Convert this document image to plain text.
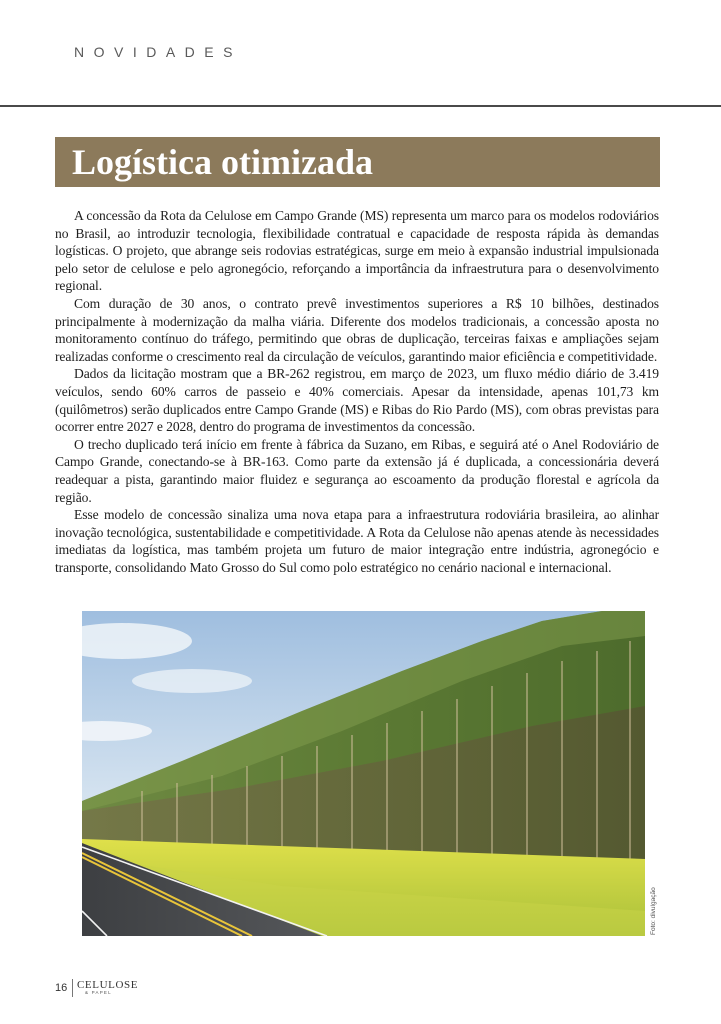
NOVIDADES
Logística otimizada

A concessão da Rota da Celulose em Campo Grande (MS) representa um marco para os modelos rodoviários no Brasil, ao introduzir tecnologia, flexibilidade contratual e capacidade de resposta rápida às demandas logísticas. O projeto, que abrange seis rodovias estratégicas, surge em meio à expansão industrial impulsionada pelo setor de celulose e pelo agronegócio, reforçando a importância da infraestrutura para o desenvolvimento regional.

Com duração de 30 anos, o contrato prevê investimentos superiores a R$ 10 bilhões, destinados principalmente à modernização da malha viária. Diferente dos modelos tradicionais, a concessão aposta no monitoramento contínuo do tráfego, permitindo que obras de duplicação, terceiras faixas e ampliações sejam realizadas conforme o crescimento real da circulação de veículos, garantindo maior eficiência e competitividade.

Dados da licitação mostram que a BR-262 registrou, em março de 2023, um fluxo médio diário de 3.419 veículos, sendo 60% carros de passeio e 40% comerciais. Apesar da intensidade, apenas 101,73 km (quilômetros) serão duplicados entre Campo Grande (MS) e Ribas do Rio Pardo (MS), com obras previstas para ocorrer entre 2027 e 2028, dentro do programa de investimentos da concessão.

O trecho duplicado terá início em frente à fábrica da Suzano, em Ribas, e seguirá até o Anel Rodoviário de Campo Grande, conectando-se à BR-163. Como parte da extensão já é duplicada, a concessionária deverá readequar a pista, garantindo maior fluidez e segurança ao escoamento da produção florestal e agrícola da região.

Esse modelo de concessão sinaliza uma nova etapa para a infraestrutura rodoviária brasileira, ao alinhar inovação tecnológica, sustentabilidade e competitividade. A Rota da Celulose não apenas atende às necessidades imediatas da logística, mas também projeta um futuro de maior integração entre indústria, agronegócio e transporte, consolidando Mato Grosso do Sul como polo estratégico no cenário nacional e internacional.

Foto: divulgação
16 CELULOSE
& PAPEL
